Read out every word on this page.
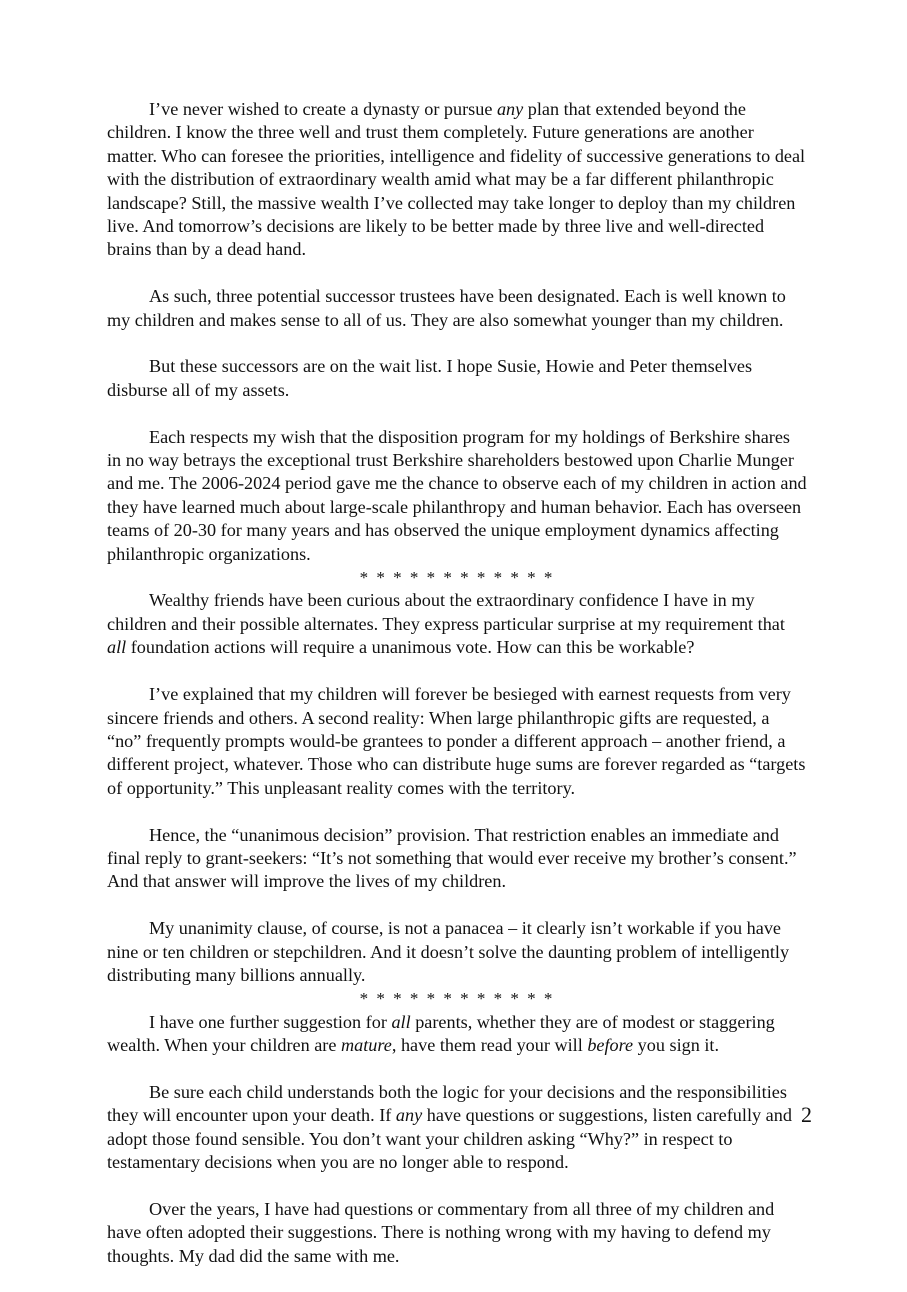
I’ve never wished to create a dynasty or pursue any plan that extended beyond the children. I know the three well and trust them completely. Future generations are another matter. Who can foresee the priorities, intelligence and fidelity of successive generations to deal with the distribution of extraordinary wealth amid what may be a far different philanthropic landscape? Still, the massive wealth I’ve collected may take longer to deploy than my children live. And tomorrow’s decisions are likely to be better made by three live and well-directed brains than by a dead hand.

As such, three potential successor trustees have been designated. Each is well known to my children and makes sense to all of us. They are also somewhat younger than my children.

But these successors are on the wait list. I hope Susie, Howie and Peter themselves disburse all of my assets.

Each respects my wish that the disposition program for my holdings of Berkshire shares in no way betrays the exceptional trust Berkshire shareholders bestowed upon Charlie Munger and me. The 2006-2024 period gave me the chance to observe each of my children in action and they have learned much about large-scale philanthropy and human behavior. Each has overseen teams of 20-30 for many years and has observed the unique employment dynamics affecting philanthropic organizations.

* * * * * * * * * * * *

Wealthy friends have been curious about the extraordinary confidence I have in my children and their possible alternates. They express particular surprise at my requirement that all foundation actions will require a unanimous vote. How can this be workable?

I’ve explained that my children will forever be besieged with earnest requests from very sincere friends and others. A second reality: When large philanthropic gifts are requested, a “no” frequently prompts would-be grantees to ponder a different approach – another friend, a different project, whatever. Those who can distribute huge sums are forever regarded as “targets of opportunity.” This unpleasant reality comes with the territory.

Hence, the “unanimous decision” provision. That restriction enables an immediate and final reply to grant-seekers: “It’s not something that would ever receive my brother’s consent.” And that answer will improve the lives of my children.

My unanimity clause, of course, is not a panacea – it clearly isn’t workable if you have nine or ten children or stepchildren. And it doesn’t solve the daunting problem of intelligently distributing many billions annually.

* * * * * * * * * * * *

I have one further suggestion for all parents, whether they are of modest or staggering wealth. When your children are mature, have them read your will before you sign it.

Be sure each child understands both the logic for your decisions and the responsibilities they will encounter upon your death. If any have questions or suggestions, listen carefully and adopt those found sensible. You don’t want your children asking “Why?” in respect to testamentary decisions when you are no longer able to respond.

Over the years, I have had questions or commentary from all three of my children and have often adopted their suggestions. There is nothing wrong with my having to defend my thoughts. My dad did the same with me.

2
